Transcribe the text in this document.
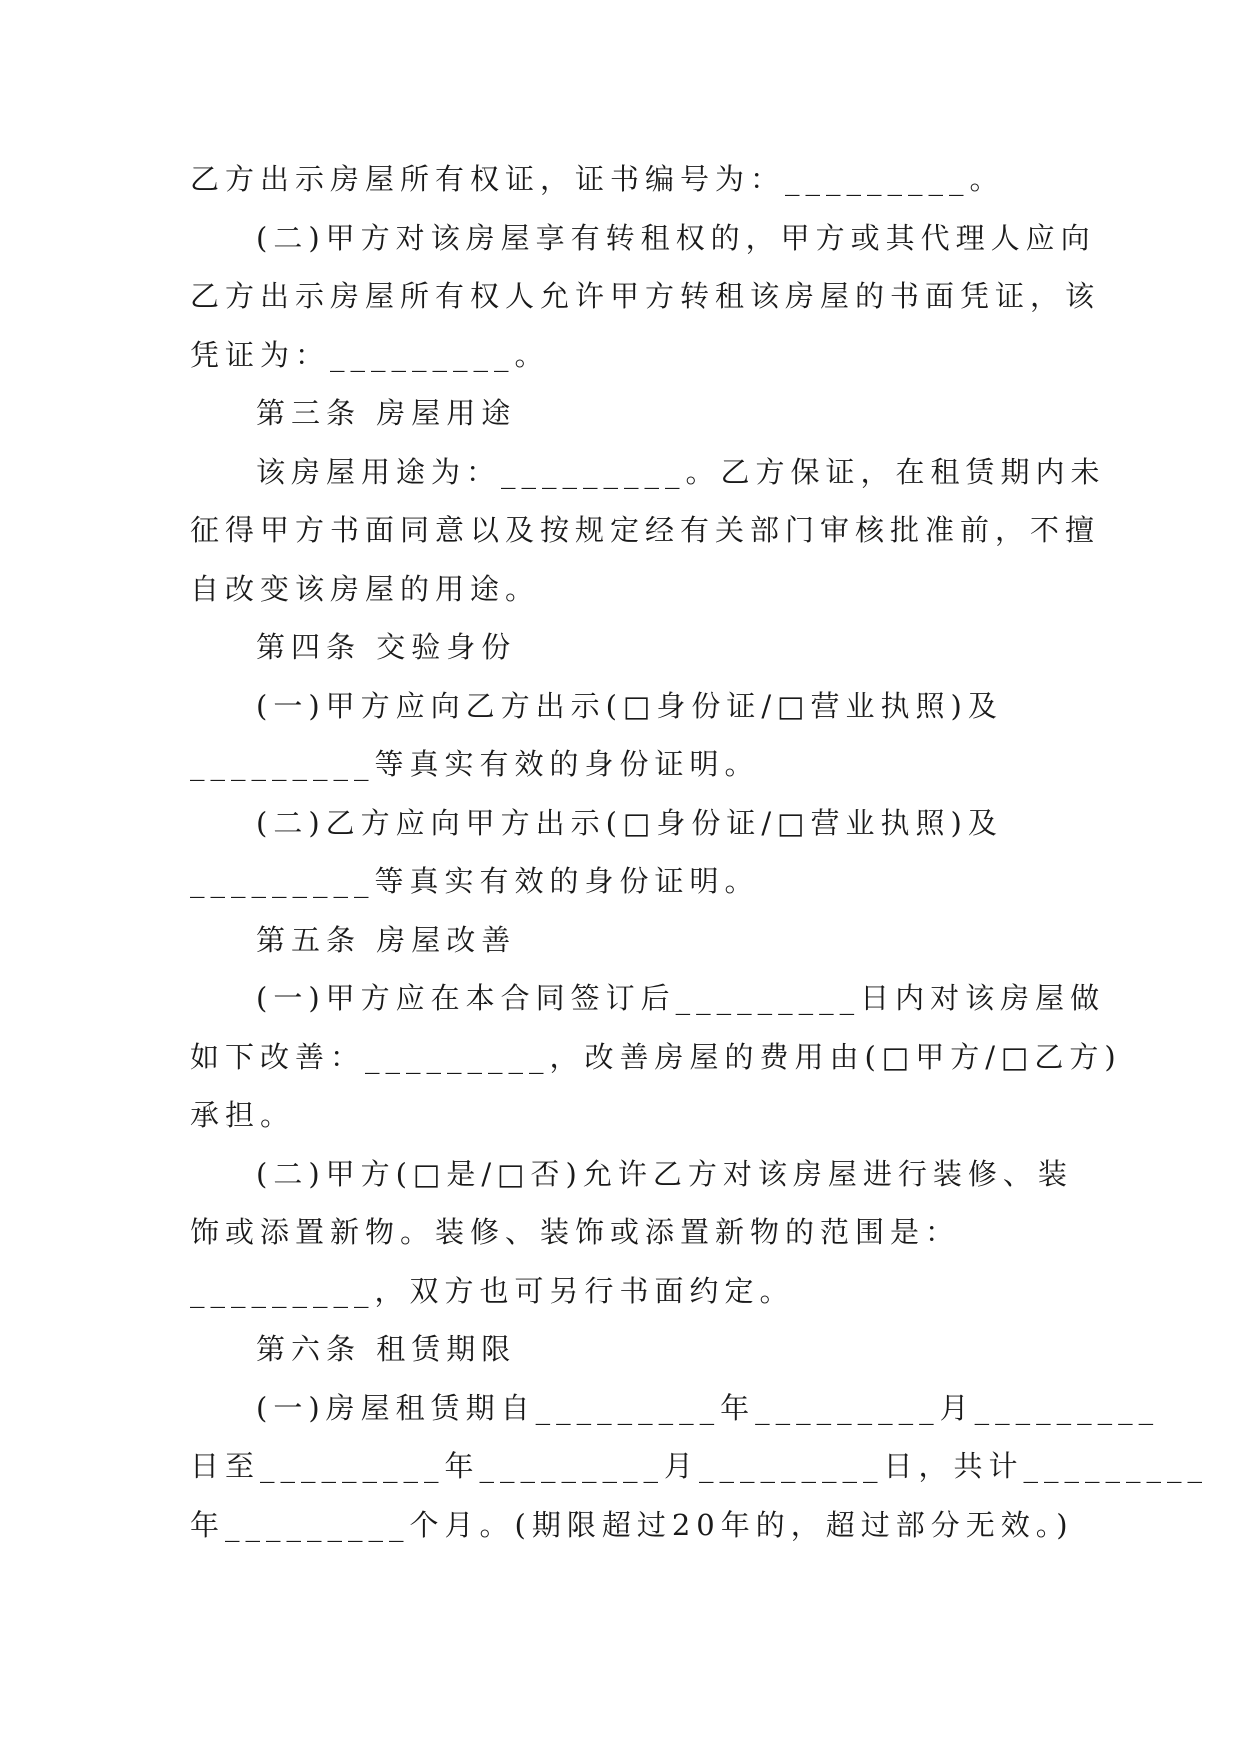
乙方出示房屋所有权证，证书编号为：_________。
(二)甲方对该房屋享有转租权的，甲方或其代理人应向
乙方出示房屋所有权人允许甲方转租该房屋的书面凭证，该
凭证为：_________。
第三条 房屋用途
该房屋用途为：_________。乙方保证，在租赁期内未
征得甲方书面同意以及按规定经有关部门审核批准前，不擅
自改变该房屋的用途。
第四条 交验身份
(一)甲方应向乙方出示(□身份证/□营业执照)及
_________等真实有效的身份证明。
(二)乙方应向甲方出示(□身份证/□营业执照)及
_________等真实有效的身份证明。
第五条 房屋改善
(一)甲方应在本合同签订后_________日内对该房屋做
如下改善：_________，改善房屋的费用由(□甲方/□乙方)
承担。
(二)甲方(□是/□否)允许乙方对该房屋进行装修、装
饰或添置新物。装修、装饰或添置新物的范围是：
_________，双方也可另行书面约定。
第六条 租赁期限
(一)房屋租赁期自_________年_________月_________
日至_________年_________月_________日，共计_________
年_________个月。(期限超过20年的，超过部分无效。)
